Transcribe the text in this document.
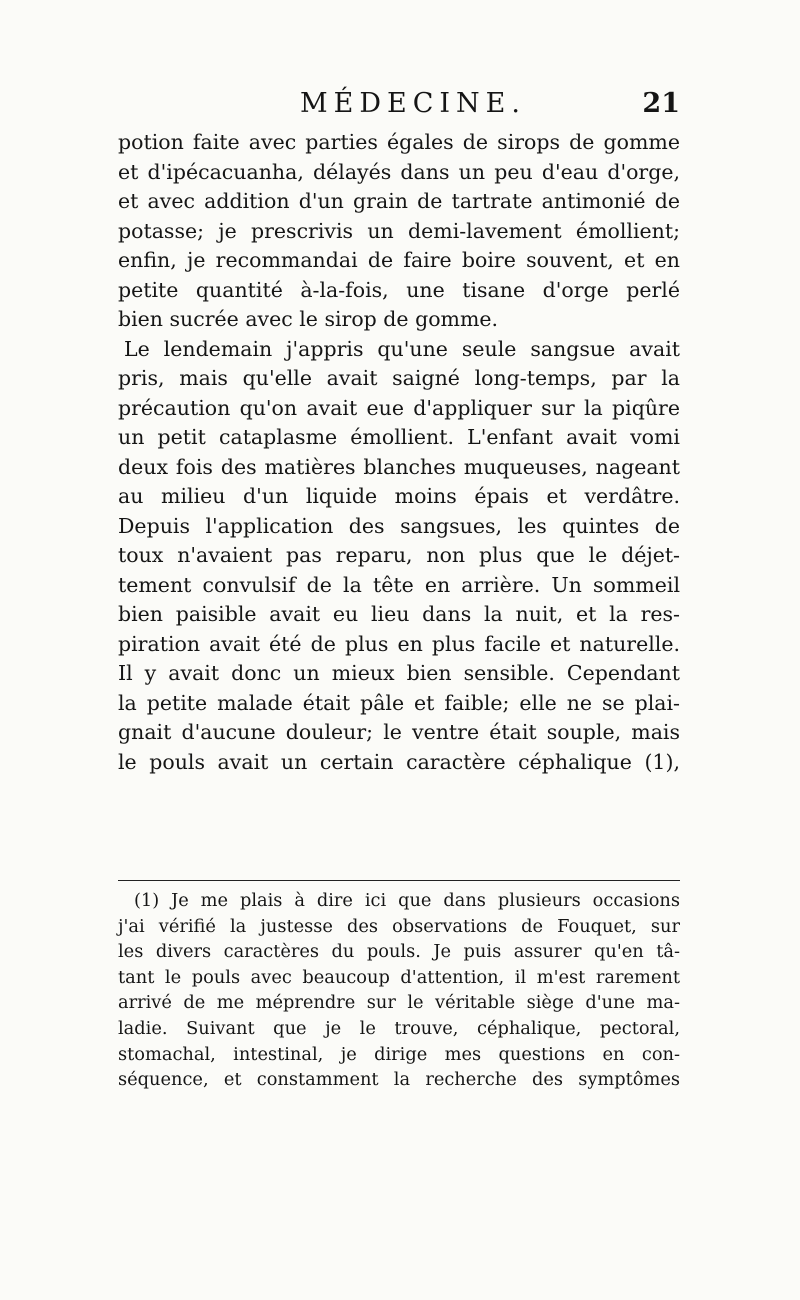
MÉDECINE.	21
potion faite avec parties égales de sirops de gomme
et d'ipécacuanha, délayés dans un peu d'eau d'orge,
et avec addition d'un grain de tartrate antimonié de
potasse; je prescrivis un demi-lavement émollient;
enfin, je recommandai de faire boire souvent, et en
petite quantité à-la-fois, une tisane d'orge perlé
bien sucrée avec le sirop de gomme.
Le lendemain j'appris qu'une seule sangsue avait
pris, mais qu'elle avait saigné long-temps, par la
précaution qu'on avait eue d'appliquer sur la piqûre
un petit cataplasme émollient. L'enfant avait vomi
deux fois des matières blanches muqueuses, nageant
au milieu d'un liquide moins épais et verdâtre.
Depuis l'application des sangsues, les quintes de
toux n'avaient pas reparu, non plus que le déjet-
tement convulsif de la tête en arrière. Un sommeil
bien paisible avait eu lieu dans la nuit, et la res-
piration avait été de plus en plus facile et naturelle.
Il y avait donc un mieux bien sensible. Cependant
la petite malade était pâle et faible; elle ne se plai-
gnait d'aucune douleur; le ventre était souple, mais
le pouls avait un certain caractère céphalique (1),
(1) Je me plais à dire ici que dans plusieurs occasions
j'ai vérifié la justesse des observations de Fouquet, sur
les divers caractères du pouls. Je puis assurer qu'en tâ-
tant le pouls avec beaucoup d'attention, il m'est rarement
arrivé de me méprendre sur le véritable siège d'une ma-
ladie. Suivant que je le trouve, céphalique, pectoral,
stomachal, intestinal, je dirige mes questions en con-
séquence, et constamment la recherche des symptômes
